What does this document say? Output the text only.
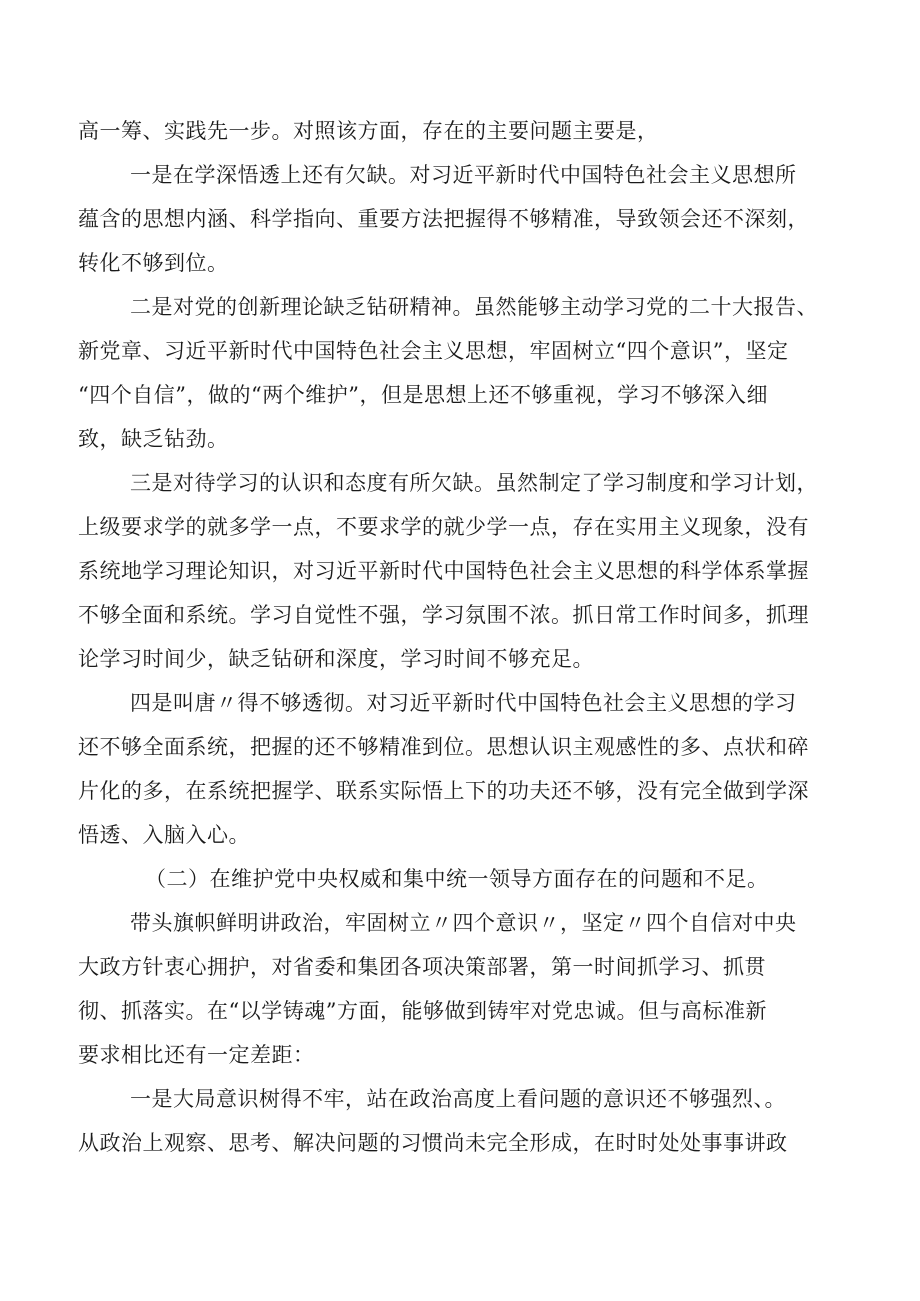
高一筹、实践先一步。对照该方面，存在的主要问题主要是，

一是在学深悟透上还有欠缺。对习近平新时代中国特色社会主义思想所

蕴含的思想内涵、科学指向、重要方法把握得不够精准，导致领会还不深刻，

转化不够到位。

二是对党的创新理论缺乏钻研精神。虽然能够主动学习党的二十大报告、

新党章、习近平新时代中国特色社会主义思想，牢固树立“四个意识”，坚定

“四个自信”，做的“两个维护”，但是思想上还不够重视，学习不够深入细

致，缺乏钻劲。

三是对待学习的认识和态度有所欠缺。虽然制定了学习制度和学习计划，

上级要求学的就多学一点，不要求学的就少学一点，存在实用主义现象，没有

系统地学习理论知识，对习近平新时代中国特色社会主义思想的科学体系掌握

不够全面和系统。学习自觉性不强，学习氛围不浓。抓日常工作时间多，抓理

论学习时间少，缺乏钻研和深度，学习时间不够充足。

四是叫唐〃得不够透彻。对习近平新时代中国特色社会主义思想的学习

还不够全面系统，把握的还不够精准到位。思想认识主观感性的多、点状和碎

片化的多，在系统把握学、联系实际悟上下的功夫还不够，没有完全做到学深

悟透、入脑入心。

（二）在维护党中央权威和集中统一领导方面存在的问题和不足。

带头旗帜鲜明讲政治，牢固树立〃四个意识〃，坚定〃四个自信对中央

大政方针衷心拥护，对省委和集团各项决策部署，第一时间抓学习、抓贯

彻、抓落实。在“以学铸魂”方面，能够做到铸牢对党忠诚。但与高标准新

要求相比还有一定差距：

一是大局意识树得不牢，站在政治高度上看问题的意识还不够强烈、。

从政治上观察、思考、解决问题的习惯尚未完全形成，在时时处处事事讲政
